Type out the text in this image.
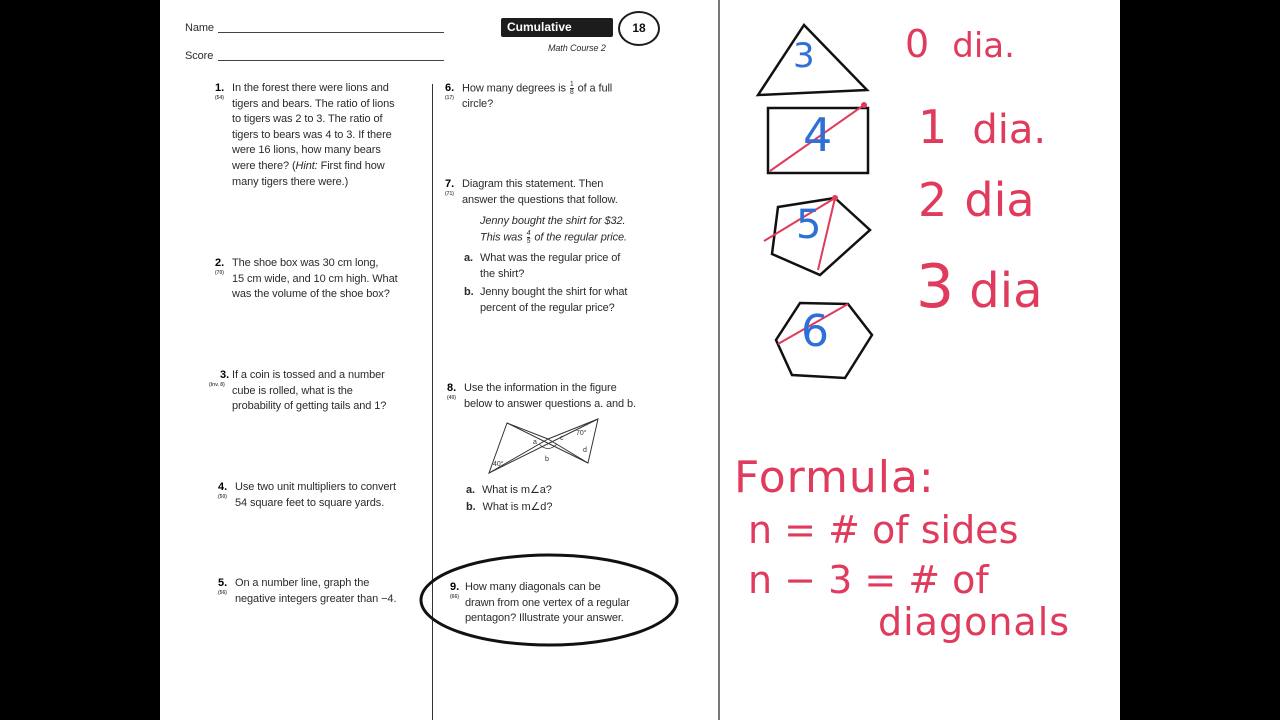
Name
Score
Cumulative	18
Math Course 2
1.
(54)
In the forest there were lions and
tigers and bears. The ratio of lions
to tigers was 2 to 3. The ratio of
tigers to bears was 4 to 3. If there
were 16 lions, how many bears
were there? (Hint: First find how
many tigers there were.)
2.
(70)
The shoe box was 30 cm long,
15 cm wide, and 10 cm high. What
was the volume of the shoe box?
3.
(Inv. 8)
If a coin is tossed and a number
cube is rolled, what is the
probability of getting tails and 1?
4.
(50)
Use two unit multipliers to convert
54 square feet to square yards.
5.
(56)
On a number line, graph the
negative integers greater than −4.
6.
(17)
How many degrees is $\frac{1}{8}$ of a full
circle?
7.
(71)
Diagram this statement. Then
answer the questions that follow.
Jenny bought the shirt for $32.
This was $\frac{4}{5}$ of the regular price.
a. What was the regular price of
the shirt?
b. Jenny bought the shirt for what
percent of the regular price?
8.
(40)
Use the information in the figure
below to answer questions a. and b.
a
b
c
d
40°
70°
a. What is m∠a?
b. What is m∠d?
9.
(66)
How many diagonals can be
drawn from one vertex of a regular
pentagon? Illustrate your answer.
3
4
5
6
0 dia.
1 dia.
2 dia
3 dia
Formula:
n = # of sides
n − 3 = # of
diagonals
